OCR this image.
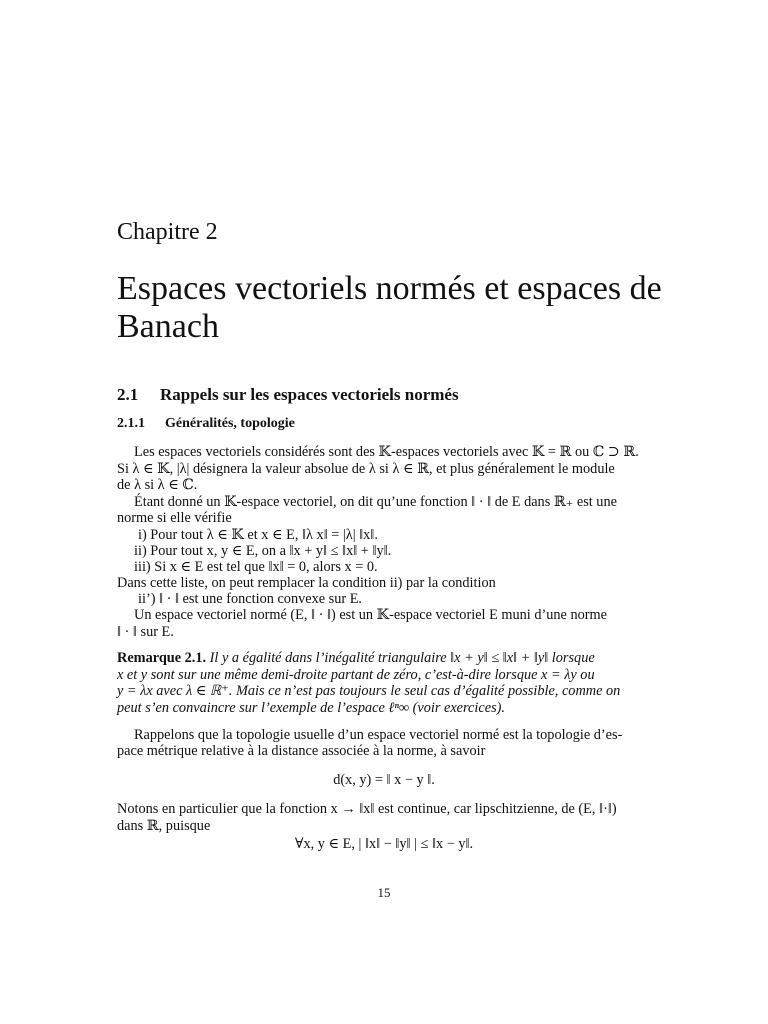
Chapitre 2
Espaces vectoriels normés et espaces de Banach
2.1 Rappels sur les espaces vectoriels normés
2.1.1 Généralités, topologie
Les espaces vectoriels considérés sont des 𝕂-espaces vectoriels avec 𝕂 = ℝ ou ℂ ⊃ ℝ.
Si λ ∈ 𝕂, |λ| désignera la valeur absolue de λ si λ ∈ ℝ, et plus généralement le module
de λ si λ ∈ ℂ.
Étant donné un 𝕂-espace vectoriel, on dit qu’une fonction ‖ · ‖ de E dans ℝ₊ est une
norme si elle vérifie
i) Pour tout λ ∈ 𝕂 et x ∈ E, ‖λ x‖ = |λ| ‖x‖.
ii) Pour tout x, y ∈ E, on a ‖x + y‖ ≤ ‖x‖ + ‖y‖.
iii) Si x ∈ E est tel que ‖x‖ = 0, alors x = 0.
Dans cette liste, on peut remplacer la condition ii) par la condition
ii’) ‖ · ‖ est une fonction convexe sur E.
Un espace vectoriel normé (E, ‖ · ‖) est un 𝕂-espace vectoriel E muni d’une norme
‖ · ‖ sur E.
Remarque 2.1. Il y a égalité dans l’inégalité triangulaire ‖x + y‖ ≤ ‖x‖ + ‖y‖ lorsque
x et y sont sur une même demi-droite partant de zéro, c’est-à-dire lorsque x = λy ou
y = λx avec λ ∈ ℝ⁺. Mais ce n’est pas toujours le seul cas d’égalité possible, comme on
peut s’en convaincre sur l’exemple de l’espace ℓⁿ∞ (voir exercices).
Rappelons que la topologie usuelle d’un espace vectoriel normé est la topologie d’es-
pace métrique relative à la distance associée à la norme, à savoir
d(x, y) = ‖ x − y ‖.
Notons en particulier que la fonction x → ‖x‖ est continue, car lipschitzienne, de (E, ‖·‖)
dans ℝ, puisque
∀x, y ∈ E, | ‖x‖ − ‖y‖ | ≤ ‖x − y‖.
15
